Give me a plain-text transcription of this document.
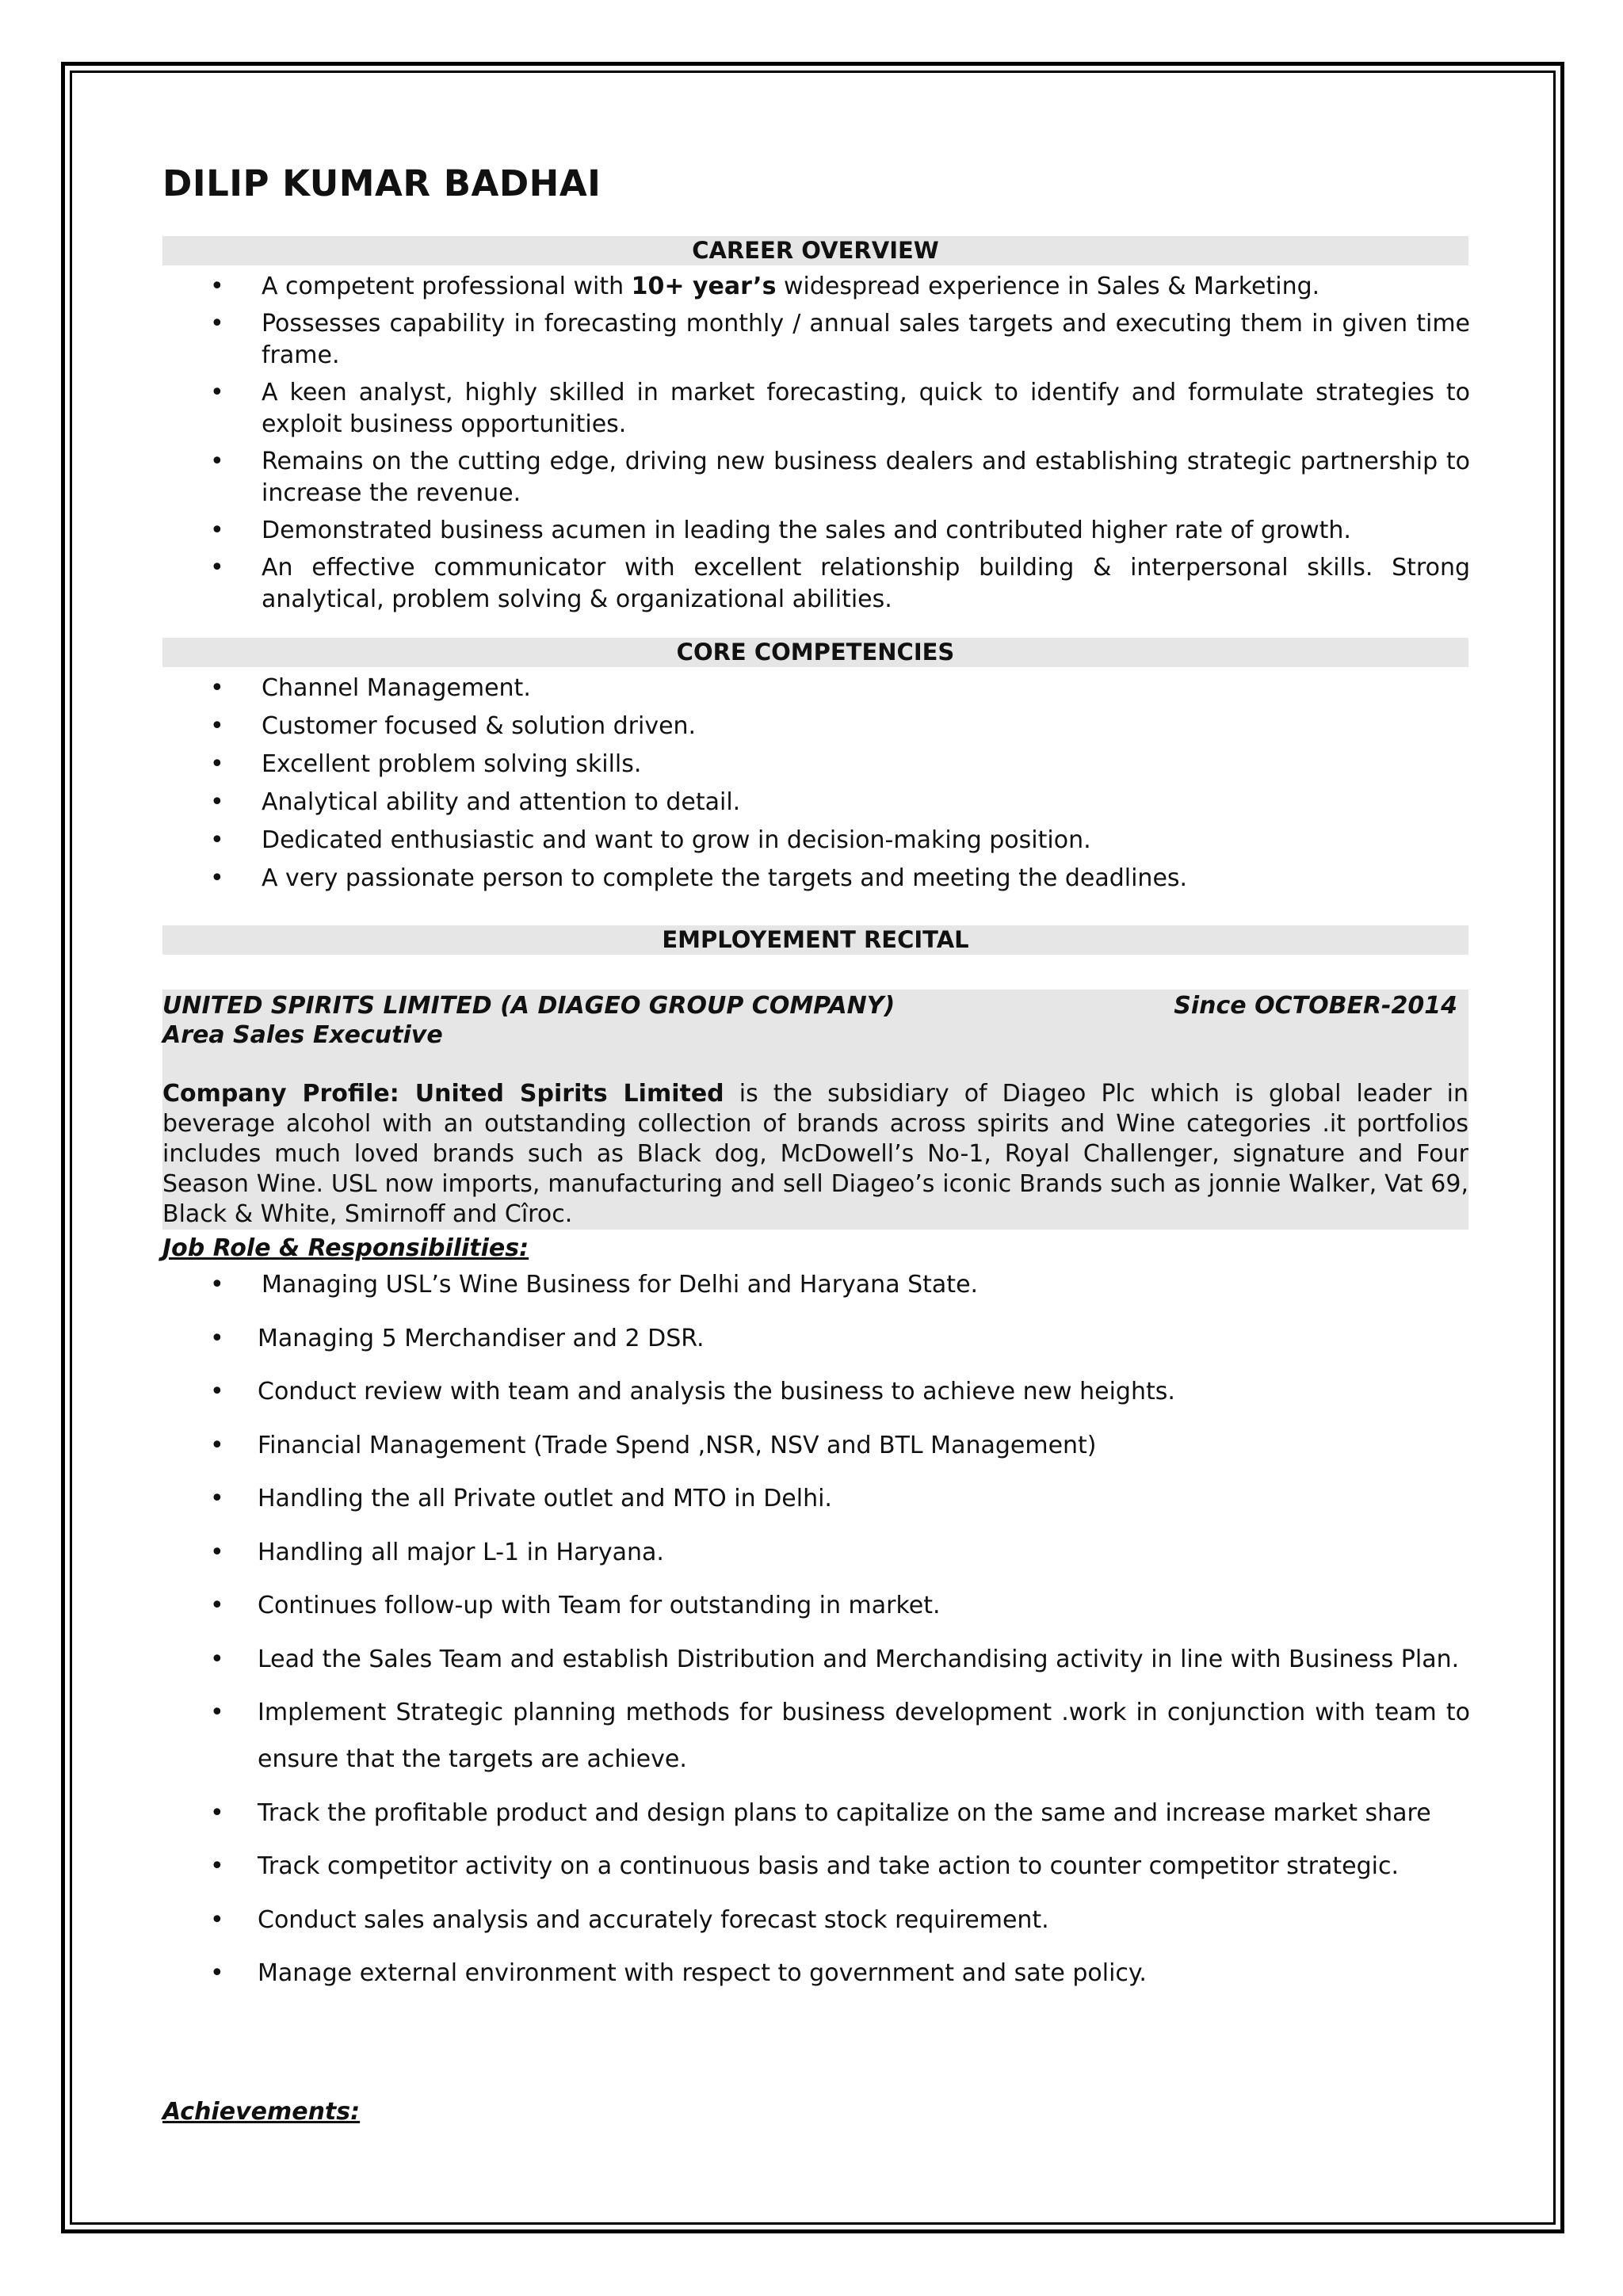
DILIP KUMAR BADHAI
CAREER OVERVIEW
• A competent professional with 10+ year’s widespread experience in Sales & Marketing.
• Possesses capability in forecasting monthly / annual sales targets and executing them in given time frame.
• A keen analyst, highly skilled in market forecasting, quick to identify and formulate strategies to exploit business opportunities.
• Remains on the cutting edge, driving new business dealers and establishing strategic partnership to increase the revenue.
• Demonstrated business acumen in leading the sales and contributed higher rate of growth.
• An effective communicator with excellent relationship building & interpersonal skills. Strong analytical, problem solving & organizational abilities.
CORE COMPETENCIES
• Channel Management.
• Customer focused & solution driven.
• Excellent problem solving skills.
• Analytical ability and attention to detail.
• Dedicated enthusiastic and want to grow in decision-making position.
• A very passionate person to complete the targets and meeting the deadlines.
EMPLOYEMENT RECITAL
UNITED SPIRITS LIMITED (A DIAGEO GROUP COMPANY)	Since OCTOBER-2014
Area Sales Executive
Company Profile: United Spirits Limited is the subsidiary of Diageo Plc which is global leader in beverage alcohol with an outstanding collection of brands across spirits and Wine categories .it portfolios includes much loved brands such as Black dog, McDowell’s No-1, Royal Challenger, signature and Four Season Wine. USL now imports, manufacturing and sell Diageo’s iconic Brands such as jonnie Walker, Vat 69, Black & White, Smirnoff and Cîroc.
Job Role & Responsibilities:
• Managing USL’s Wine Business for Delhi and Haryana State.
• Managing 5 Merchandiser and 2 DSR.
• Conduct review with team and analysis the business to achieve new heights.
• Financial Management (Trade Spend ,NSR, NSV and BTL Management)
• Handling the all Private outlet and MTO in Delhi.
• Handling all major L-1 in Haryana.
• Continues follow-up with Team for outstanding in market.
• Lead the Sales Team and establish Distribution and Merchandising activity in line with Business Plan.
• Implement Strategic planning methods for business development .work in conjunction with team to ensure that the targets are achieve.
• Track the profitable product and design plans to capitalize on the same and increase market share
• Track competitor activity on a continuous basis and take action to counter competitor strategic.
• Conduct sales analysis and accurately forecast stock requirement.
• Manage external environment with respect to government and sate policy.
Achievements:
